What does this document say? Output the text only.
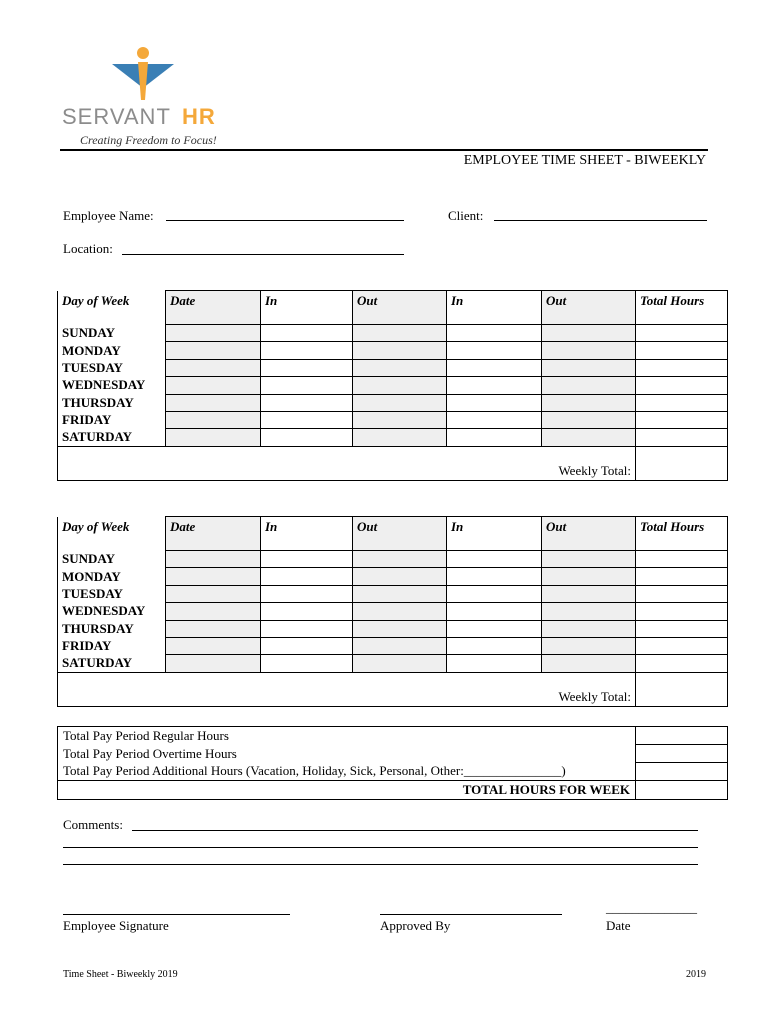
SERVANT HR
Creating Freedom to Focus!
EMPLOYEE TIME SHEET - BIWEEKLY
Employee Name:	Client:
Location:
Day of Week	Date	In	Out	In	Out	Total Hours
SUNDAY						
MONDAY						
TUESDAY						
WEDNESDAY						
THURSDAY						
FRIDAY						
SATURDAY						
Weekly Total:						
Day of Week	Date	In	Out	In	Out	Total Hours
SUNDAY						
MONDAY						
TUESDAY						
WEDNESDAY						
THURSDAY						
FRIDAY						
SATURDAY						
Weekly Total:						
Total Pay Period Regular Hours	
Total Pay Period Overtime Hours	
Total Pay Period Additional Hours (Vacation, Holiday, Sick, Personal, Other:_______________)	
TOTAL HOURS FOR WEEK	
Comments:
Employee Signature	Approved By
______________
Date
Time Sheet - Biweekly 2019	2019
